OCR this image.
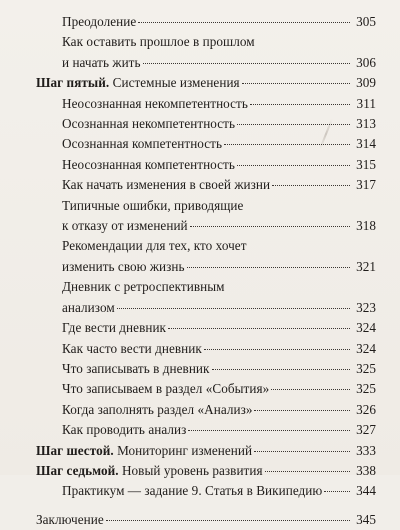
Преодоление	305
Как оставить прошлое в прошлом
и начать жить	306
Шаг пятый. Системные изменения	309
Неосознанная некомпетентность	311
Осознанная некомпетентность	313
Осознанная компетентность	314
Неосознанная компетентность	315
Как начать изменения в своей жизни	317
Типичные ошибки, приводящие
к отказу от изменений	318
Рекомендации для тех, кто хочет
изменить свою жизнь	321
Дневник с ретроспективным
анализом	323
Где вести дневник	324
Как часто вести дневник	324
Что записывать в дневник	325
Что записываем в раздел «События»	325
Когда заполнять раздел «Анализ»	326
Как проводить анализ	327
Шаг шестой. Мониторинг изменений	333
Шаг седьмой. Новый уровень развития	338
Практикум — задание 9. Статья в Википедию	344
Заключение	345
